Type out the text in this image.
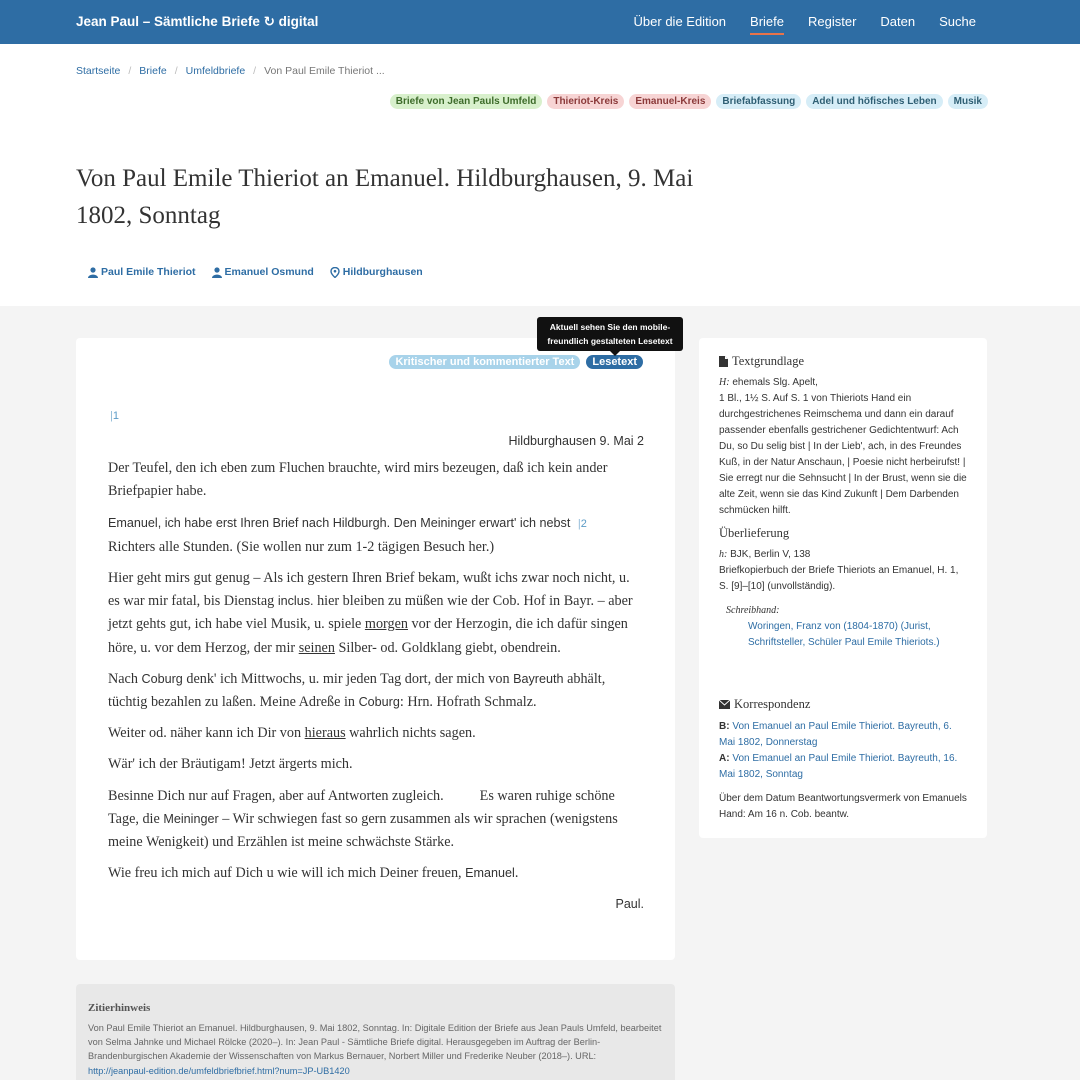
Jean Paul – Sämtliche Briefe ↻ digital	Über die Edition Briefe Register Daten Suche
Startseite / Briefe / Umfeldbriefe / Von Paul Emile Thieriot ...
Briefe von Jean Pauls Umfeld	Thieriot-Kreis	Emanuel-Kreis	Briefabfassung	Adel und höfisches Leben	Musik
Von Paul Emile Thieriot an Emanuel. Hildburghausen, 9. Mai 1802, Sonntag
Paul Emile Thieriot	Emanuel Osmund	Hildburghausen
Kritischer und kommentierter Text	Lesetext
| 1

Hildburghausen 9. Mai 2

Der Teufel, den ich eben zum Fluchen brauchte, wird mirs bezeugen, daß ich kein ander Briefpapier habe.

Emanuel, ich habe erst Ihren Brief nach Hildburgh. Den Meininger erwart' ich nebst | 2
Richters alle Stunden. (Sie wollen nur zum 1-2 tägigen Besuch her.)

Hier geht mirs gut genug – Als ich gestern Ihren Brief bekam, wußt ichs zwar noch nicht, u. es war mir fatal, bis Dienstag inclus. hier bleiben zu müßen wie der Cob. Hof in Bayr. – aber jetzt gehts gut, ich habe viel Musik, u. spiele morgen vor der Herzogin, die ich dafür singen höre, u. vor dem Herzog, der mir seinen Silber- od. Goldklang giebt, obendrein.

Nach Coburg denk' ich Mittwochs, u. mir jeden Tag dort, der mich von Bayreuth abhält, tüchtig bezahlen zu laßen. Meine Adreße in Coburg: Hrn. Hofrath Schmalz.

Weiter od. näher kann ich Dir von hieraus wahrlich nichts sagen.

Wär' ich der Bräutigam! Jetzt ärgerts mich.

Besinne Dich nur auf Fragen, aber auf Antworten zugleich.	Es waren ruhige schöne Tage, die Meininger – Wir schwiegen fast so gern zusammen als wir sprachen (wenigstens meine Wenigkeit) und Erzählen ist meine schwächste Stärke.

Wie freu ich mich auf Dich u wie will ich mich Deiner freuen, Emanuel.

Paul.

Aktuell sehen Sie den mobile-freundlich gestalteten Lesetext
Textgrundlage
H: ehemals Slg. Apelt,
1 Bl., 1½ S. Auf S. 1 von Thieriots Hand ein durchgestrichenes Reimschema und dann ein darauf passender ebenfalls gestrichener Gedichtentwurf: Ach Du, so Du selig bist | In der Lieb', ach, in des Freundes Kuß, in der Natur Anschaun, | Poesie nicht herbeirufst! | Sie erregt nur die Sehnsucht | In der Brust, wenn sie die alte Zeit, wenn sie das Kind Zukunft | Dem Darbenden schmücken hilft.
Überlieferung
h: BJK, Berlin V, 138
Briefkopierbuch der Briefe Thieriots an Emanuel, H. 1, S. [9]–[10] (unvollständig).
Schreibhand:
Woringen, Franz von (1804-1870) (Jurist, Schriftsteller, Schüler Paul Emile Thieriots.)
Korrespondenz
B: Von Emanuel an Paul Emile Thieriot. Bayreuth, 6. Mai 1802, Donnerstag
A: Von Emanuel an Paul Emile Thieriot. Bayreuth, 16. Mai 1802, Sonntag
Über dem Datum Beantwortungsvermerk von Emanuels Hand: Am 16 n. Cob. beantw.
Zitierhinweis
Von Paul Emile Thieriot an Emanuel. Hildburghausen, 9. Mai 1802, Sonntag. In: Digitale Edition der Briefe aus Jean Pauls Umfeld, bearbeitet von Selma Jahnke und Michael Rölcke (2020–). In: Jean Paul - Sämtliche Briefe digital. Herausgegeben im Auftrag der Berlin-Brandenburgischen Akademie der Wissenschaften von Markus Bernauer, Norbert Miller und Frederike Neuber (2018–). URL:
http://jeanpaul-edition.de/umfeldbriefbrief.html?num=JP-UB1420
